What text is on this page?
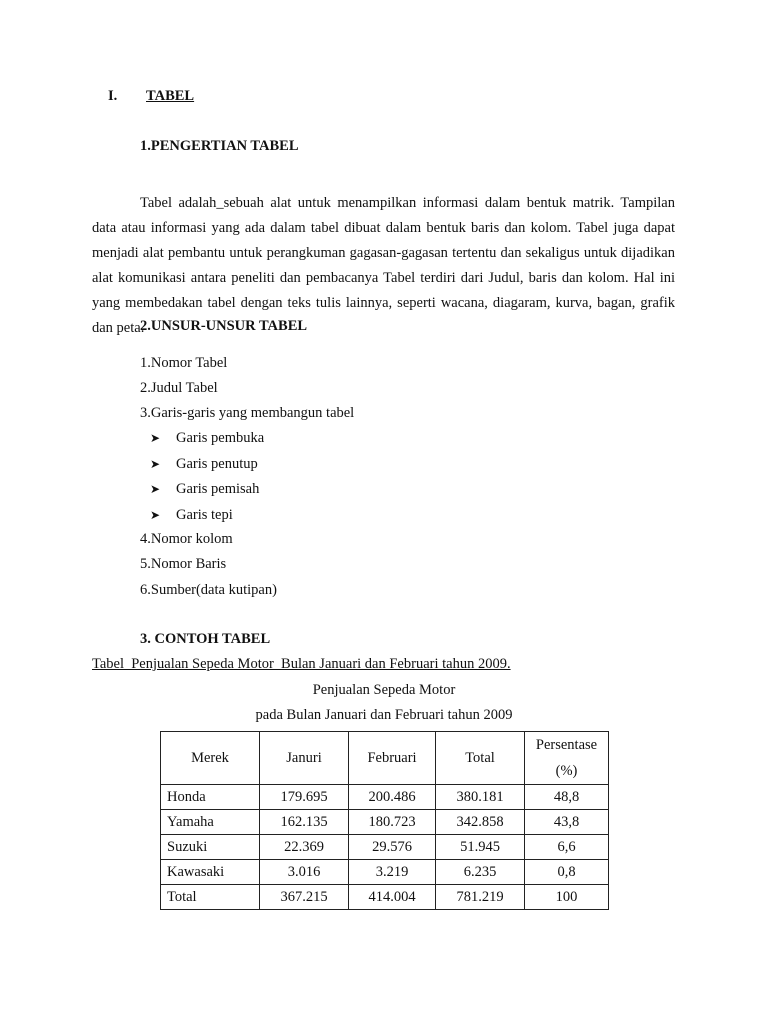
I. TABEL
1.PENGERTIAN TABEL
Tabel adalah_sebuah alat untuk menampilkan informasi dalam bentuk matrik. Tampilan data atau informasi yang ada dalam tabel dibuat dalam bentuk baris dan kolom. Tabel juga dapat menjadi alat pembantu untuk perangkuman gagasan-gagasan tertentu dan sekaligus untuk dijadikan alat komunikasi antara peneliti dan pembacanya Tabel terdiri dari Judul, baris dan kolom. Hal ini yang membedakan tabel dengan teks tulis lainnya, seperti wacana, diagaram, kurva, bagan, grafik dan peta.
2.UNSUR-UNSUR TABEL
1.Nomor Tabel
2.Judul Tabel
3.Garis-garis yang membangun tabel
➤ Garis pembuka
➤ Garis penutup
➤ Garis pemisah
➤ Garis tepi
4.Nomor kolom
5.Nomor Baris
6.Sumber(data kutipan)
3. CONTOH TABEL
Tabel  Penjualan Sepeda Motor  Bulan Januari dan Februari tahun 2009.
Penjualan Sepeda Motor
pada Bulan Januari dan Februari tahun 2009
Merek	Januri	Februari	Total	Persentase
(%)
Honda	179.695	200.486	380.181	48,8
Yamaha	162.135	180.723	342.858	43,8
Suzuki	22.369	29.576	51.945	6,6
Kawasaki	3.016	3.219	6.235	0,8
Total	367.215	414.004	781.219	100
